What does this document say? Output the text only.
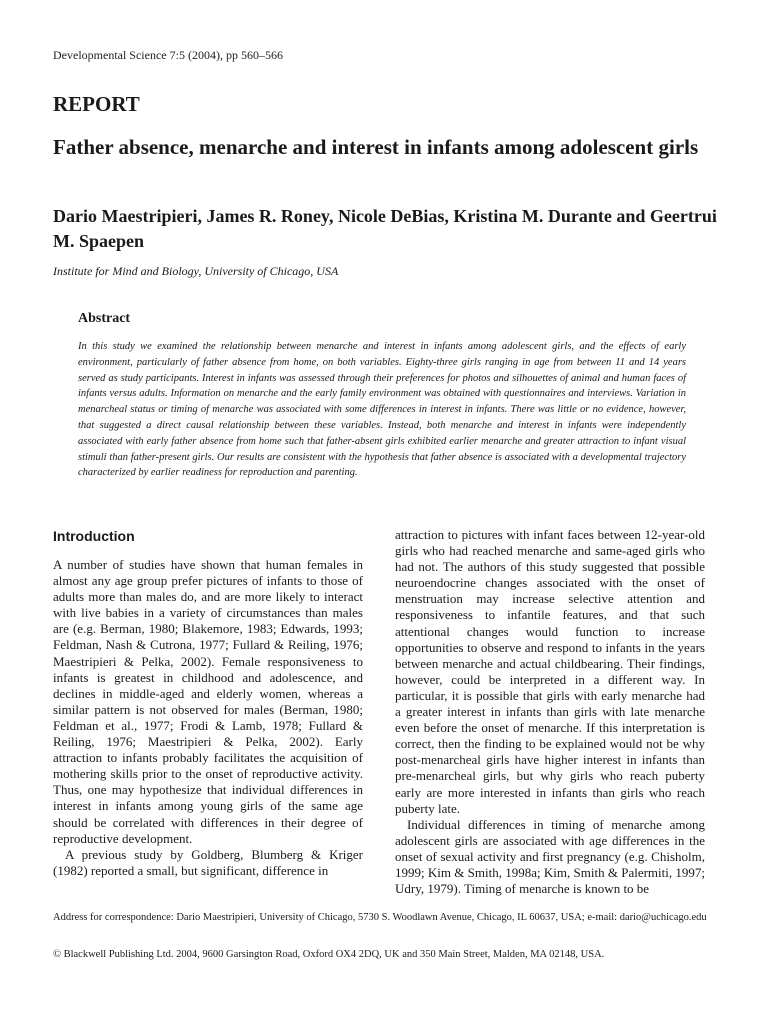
Developmental Science 7:5 (2004), pp 560–566
REPORT
Father absence, menarche and interest in infants among adolescent girls
Dario Maestripieri, James R. Roney, Nicole DeBias, Kristina M. Durante and Geertrui M. Spaepen
Institute for Mind and Biology, University of Chicago, USA
Abstract
In this study we examined the relationship between menarche and interest in infants among adolescent girls, and the effects of early environment, particularly of father absence from home, on both variables. Eighty-three girls ranging in age from between 11 and 14 years served as study participants. Interest in infants was assessed through their preferences for photos and silhouettes of animal and human faces of infants versus adults. Information on menarche and the early family environment was obtained with questionnaires and interviews. Variation in menarcheal status or timing of menarche was associated with some differences in interest in infants. There was little or no evidence, however, that suggested a direct causal relationship between these variables. Instead, both menarche and interest in infants were independently associated with early father absence from home such that father-absent girls exhibited earlier menarche and greater attraction to infant visual stimuli than father-present girls. Our results are consistent with the hypothesis that father absence is associated with a developmental trajectory characterized by earlier readiness for reproduction and parenting.
Introduction

A number of studies have shown that human females in almost any age group prefer pictures of infants to those of adults more than males do, and are more likely to interact with live babies in a variety of circumstances than males are (e.g. Berman, 1980; Blakemore, 1983; Edwards, 1993; Feldman, Nash & Cutrona, 1977; Fullard & Reiling, 1976; Maestripieri & Pelka, 2002). Female responsiveness to infants is greatest in childhood and adolescence, and declines in middle-aged and elderly women, whereas a similar pattern is not observed for males (Berman, 1980; Feldman et al., 1977; Frodi & Lamb, 1978; Fullard & Reiling, 1976; Maestripieri & Pelka, 2002). Early attraction to infants probably facilitates the acquisition of mothering skills prior to the onset of reproductive activity. Thus, one may hypothesize that individual differences in interest in infants among young girls of the same age should be correlated with differences in their degree of reproductive development.

A previous study by Goldberg, Blumberg & Kriger (1982) reported a small, but significant, difference in

attraction to pictures with infant faces between 12-year-old girls who had reached menarche and same-aged girls who had not. The authors of this study suggested that possible neuroendocrine changes associated with the onset of menstruation may increase selective attention and responsiveness to infantile features, and that such attentional changes would function to increase opportunities to observe and respond to infants in the years between menarche and actual childbearing. Their findings, however, could be interpreted in a different way. In particular, it is possible that girls with early menarche had a greater interest in infants than girls with late menarche even before the onset of menarche. If this interpretation is correct, then the finding to be explained would not be why post-menarcheal girls have higher interest in infants than pre-menarcheal girls, but why girls who reach puberty early are more interested in infants than girls who reach puberty late.

Individual differences in timing of menarche among adolescent girls are associated with age differences in the onset of sexual activity and first pregnancy (e.g. Chisholm, 1999; Kim & Smith, 1998a; Kim, Smith & Palermiti, 1997; Udry, 1979). Timing of menarche is known to be

Address for correspondence: Dario Maestripieri, University of Chicago, 5730 S. Woodlawn Avenue, Chicago, IL 60637, USA; e-mail: dario@uchicago.edu
© Blackwell Publishing Ltd. 2004, 9600 Garsington Road, Oxford OX4 2DQ, UK and 350 Main Street, Malden, MA 02148, USA.
